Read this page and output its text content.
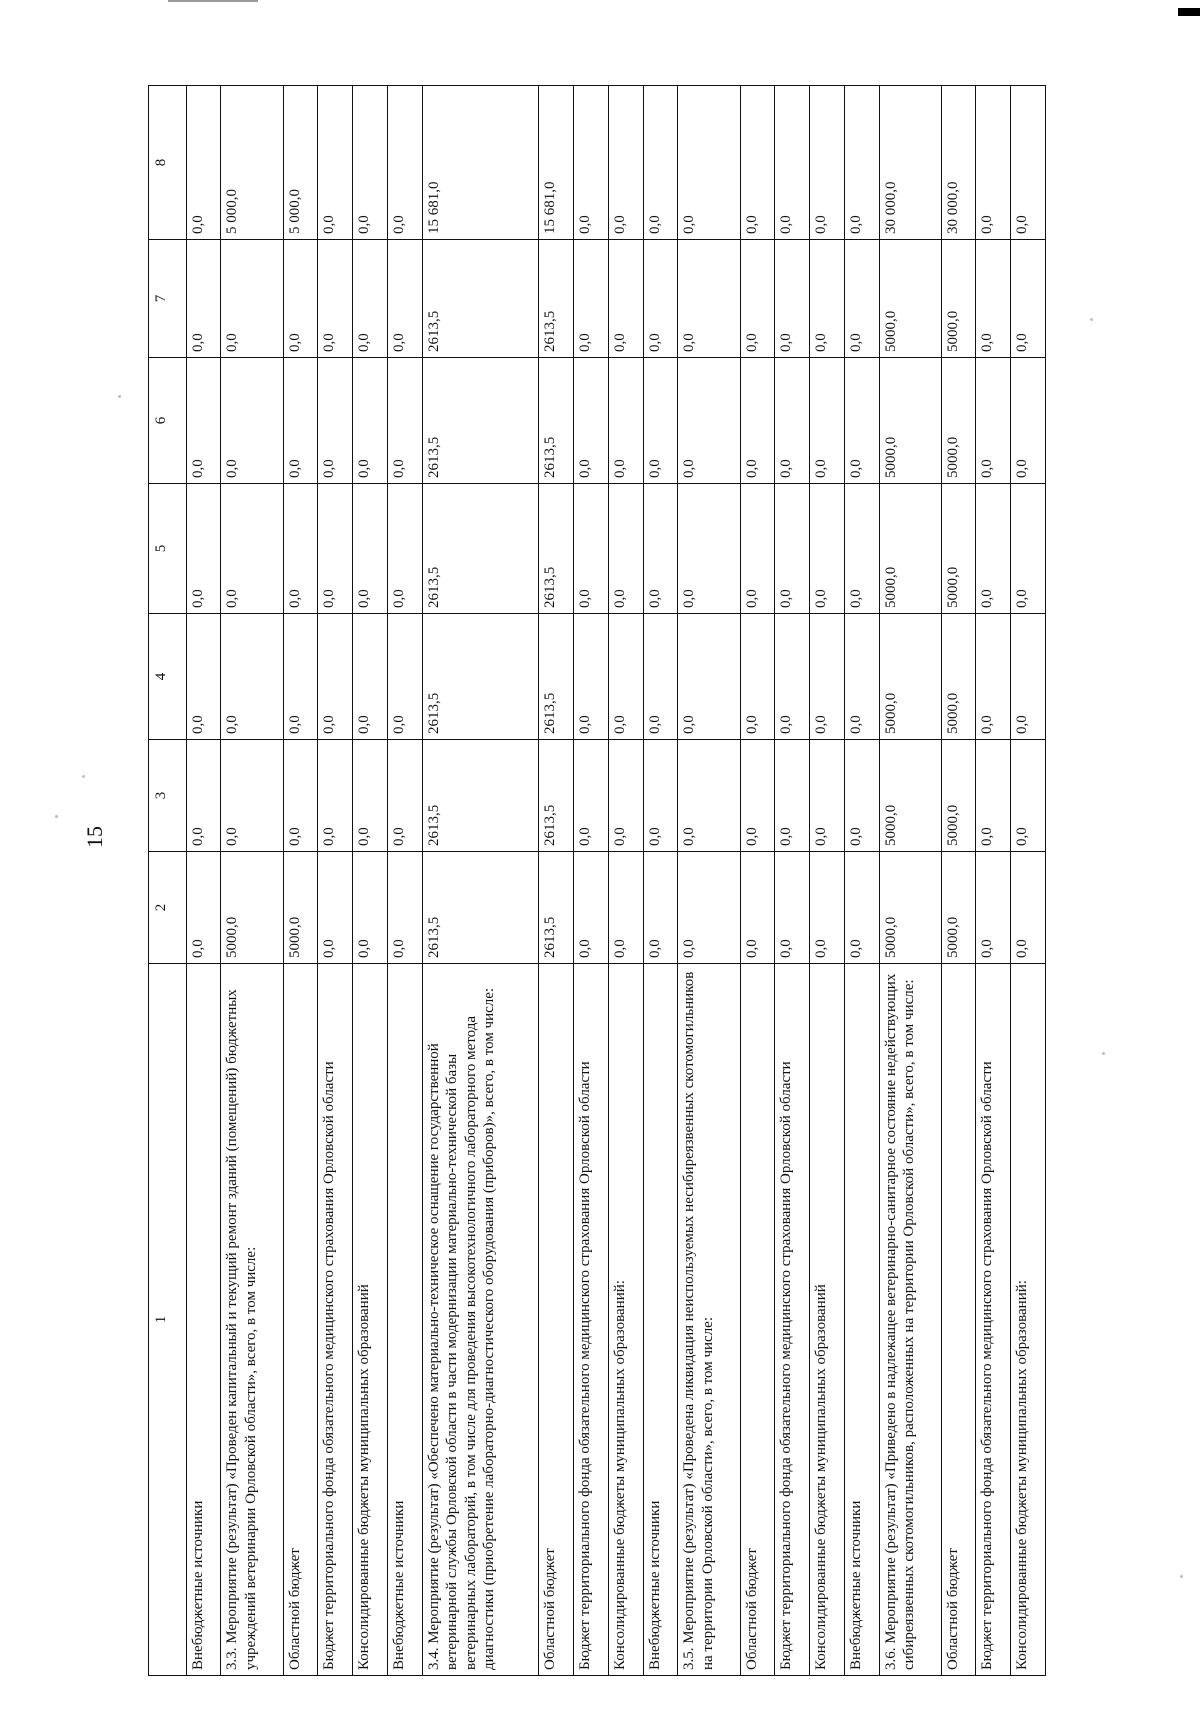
15
1	2	3	4	5	6	7	8
Внебюджетные источники	0,0	0,0	0,0	0,0	0,0	0,0	0,0
3.3. Мероприятие (результат) «Проведен капитальный и текущий ремонт зданий (помещений) бюджетных учреждений ветеринарии Орловской области», всего, в том числе:	5000,0	0,0	0,0	0,0	0,0	0,0	5 000,0
Областной бюджет	5000,0	0,0	0,0	0,0	0,0	0,0	5 000,0
Бюджет территориального фонда обязательного медицинского страхования Орловской области	0,0	0,0	0,0	0,0	0,0	0,0	0,0
Консолидированные бюджеты муниципальных образований	0,0	0,0	0,0	0,0	0,0	0,0	0,0
Внебюджетные источники	0,0	0,0	0,0	0,0	0,0	0,0	0,0
3.4. Мероприятие (результат) «Обеспечено материально-техническое оснащение государственной ветеринарной службы Орловской области в части модернизации материально-технической базы ветеринарных лабораторий, в том числе для проведения высокотехнологичного лабораторного метода диагностики (приобретение лабораторно-диагностического оборудования (приборов)», всего, в том числе:	2613,5	2613,5	2613,5	2613,5	2613,5	2613,5	15 681,0
Областной бюджет	2613,5	2613,5	2613,5	2613,5	2613,5	2613,5	15 681,0
Бюджет территориального фонда обязательного медицинского страхования Орловской области	0,0	0,0	0,0	0,0	0,0	0,0	0,0
Консолидированные бюджеты муниципальных образований:	0,0	0,0	0,0	0,0	0,0	0,0	0,0
Внебюджетные источники	0,0	0,0	0,0	0,0	0,0	0,0	0,0
3.5. Мероприятие (результат) «Проведена ликвидация неиспользуемых несибиреязвенных скотомогильников на территории Орловской области», всего, в том числе:	0,0	0,0	0,0	0,0	0,0	0,0	0,0
Областной бюджет	0,0	0,0	0,0	0,0	0,0	0,0	0,0
Бюджет территориального фонда обязательного медицинского страхования Орловской области	0,0	0,0	0,0	0,0	0,0	0,0	0,0
Консолидированные бюджеты муниципальных образований	0,0	0,0	0,0	0,0	0,0	0,0	0,0
Внебюджетные источники	0,0	0,0	0,0	0,0	0,0	0,0	0,0
3.6. Мероприятие (результат) «Приведено в надлежащее ветеринарно-санитарное состояние недействующих сибиреязвенных скотомогильников, расположенных на территории Орловской области», всего, в том числе:	5000,0	5000,0	5000,0	5000,0	5000,0	5000,0	30 000,0
Областной бюджет	5000,0	5000,0	5000,0	5000,0	5000,0	5000,0	30 000,0
Бюджет территориального фонда обязательного медицинского страхования Орловской области	0,0	0,0	0,0	0,0	0,0	0,0	0,0
Консолидированные бюджеты муниципальных образований:	0,0	0,0	0,0	0,0	0,0	0,0	0,0
